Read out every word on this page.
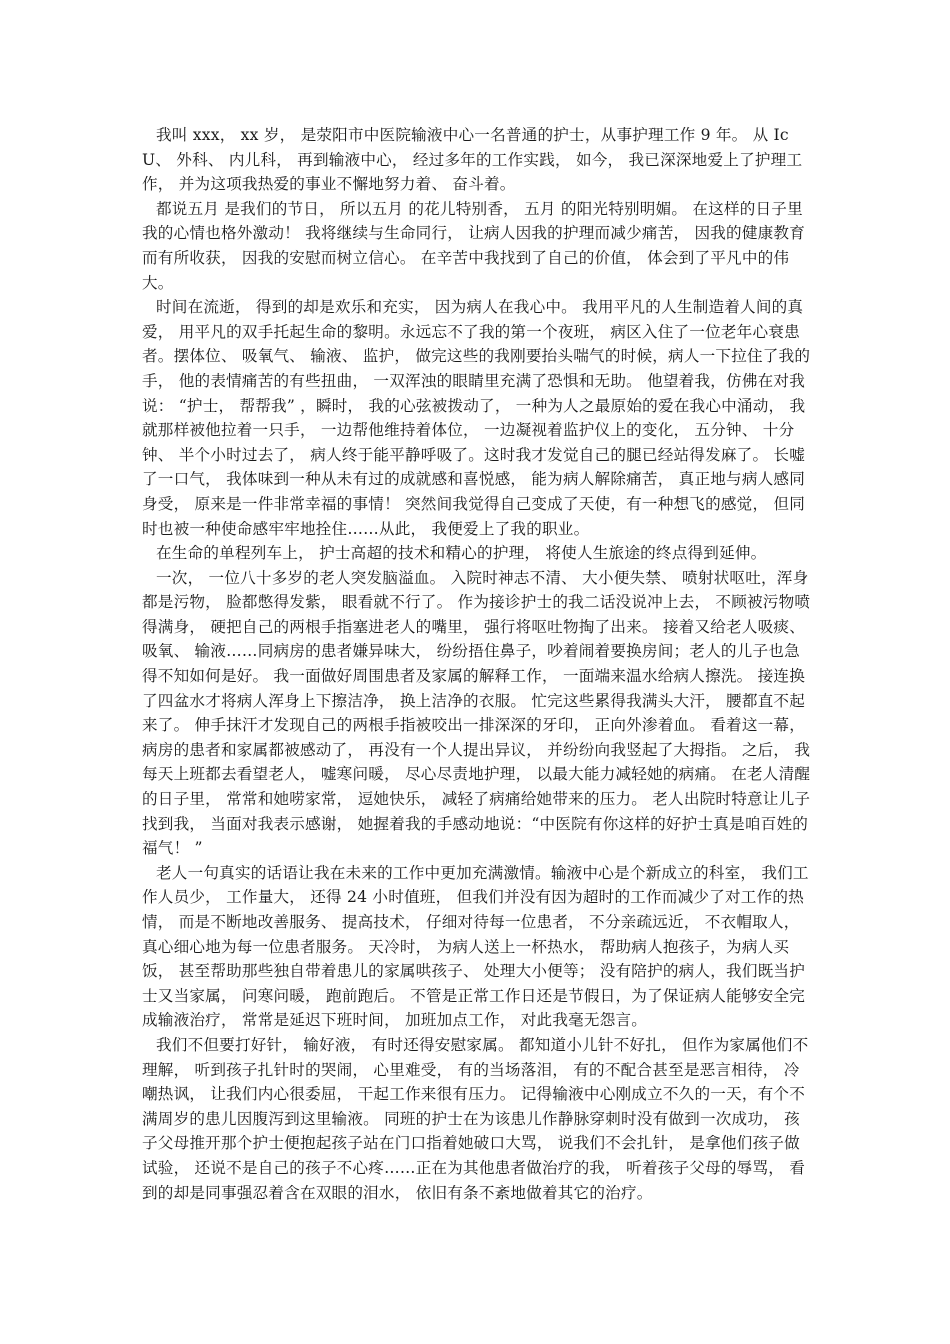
我叫 xxx， xx 岁， 是荥阳市中医院输液中心一名普通的护士，从事护理工作 9 年。 从 IcU、 外科、 内儿科， 再到输液中心， 经过多年的工作实践， 如今， 我已深深地爱上了护理工作， 并为这项我热爱的事业不懈地努力着、 奋斗着。

都说五月 是我们的节日， 所以五月 的花儿特别香， 五月 的阳光特别明媚。 在这样的日子里我的心情也格外激动！ 我将继续与生命同行， 让病人因我的护理而减少痛苦， 因我的健康教育而有所收获， 因我的安慰而树立信心。 在辛苦中我找到了自己的价值， 体会到了平凡中的伟大。

时间在流逝， 得到的却是欢乐和充实， 因为病人在我心中。 我用平凡的人生制造着人间的真爱， 用平凡的双手托起生命的黎明。永远忘不了我的第一个夜班， 病区入住了一位老年心衰患者。摆体位、 吸氧气、 输液、 监护， 做完这些的我刚要抬头喘气的时候，病人一下拉住了我的手， 他的表情痛苦的有些扭曲， 一双浑浊的眼睛里充满了恐惧和无助。 他望着我，仿佛在对我说： “护士， 帮帮我” ，瞬时， 我的心弦被拨动了， 一种为人之最原始的爱在我心中涌动， 我就那样被他拉着一只手， 一边帮他维持着体位， 一边凝视着监护仪上的变化， 五分钟、 十分钟、 半个小时过去了， 病人终于能平静呼吸了。这时我才发觉自己的腿已经站得发麻了。 长嘘了一口气， 我体味到一种从未有过的成就感和喜悦感， 能为病人解除痛苦， 真正地与病人感同身受， 原来是一件非常幸福的事情！ 突然间我觉得自己变成了天使，有一种想飞的感觉， 但同时也被一种使命感牢牢地拴住……从此， 我便爱上了我的职业。

在生命的单程列车上， 护士高超的技术和精心的护理， 将使人生旅途的终点得到延伸。

一次， 一位八十多岁的老人突发脑溢血。 入院时神志不清、 大小便失禁、 喷射状呕吐，浑身都是污物， 脸都憋得发紫， 眼看就不行了。 作为接诊护士的我二话没说冲上去， 不顾被污物喷得满身， 硬把自己的两根手指塞进老人的嘴里， 强行将呕吐物掏了出来。 接着又给老人吸痰、 吸氧、 输液……同病房的患者嫌异味大， 纷纷捂住鼻子，吵着闹着要换房间；老人的儿子也急得不知如何是好。 我一面做好周围患者及家属的解释工作， 一面端来温水给病人擦洗。 接连换了四盆水才将病人浑身上下擦洁净， 换上洁净的衣服。 忙完这些累得我满头大汗， 腰都直不起来了。 伸手抹汗才发现自己的两根手指被咬出一排深深的牙印， 正向外渗着血。 看着这一幕， 病房的患者和家属都被感动了， 再没有一个人提出异议， 并纷纷向我竖起了大拇指。 之后， 我每天上班都去看望老人， 嘘寒问暖， 尽心尽责地护理， 以最大能力减轻她的病痛。 在老人清醒的日子里， 常常和她唠家常， 逗她快乐， 减轻了病痛给她带来的压力。 老人出院时特意让儿子找到我， 当面对我表示感谢， 她握着我的手感动地说：“中医院有你这样的好护士真是咱百姓的福气！ ”

老人一句真实的话语让我在未来的工作中更加充满激情。输液中心是个新成立的科室， 我们工作人员少， 工作量大， 还得 24 小时值班， 但我们并没有因为超时的工作而减少了对工作的热情， 而是不断地改善服务、 提高技术， 仔细对待每一位患者， 不分亲疏远近， 不衣帽取人， 真心细心地为每一位患者服务。 天冷时， 为病人送上一杯热水， 帮助病人抱孩子，为病人买饭， 甚至帮助那些独自带着患儿的家属哄孩子、 处理大小便等； 没有陪护的病人，我们既当护士又当家属， 问寒问暖， 跑前跑后。 不管是正常工作日还是节假日，为了保证病人能够安全完成输液治疗， 常常是延迟下班时间， 加班加点工作， 对此我毫无怨言。

我们不但要打好针， 输好液， 有时还得安慰家属。 都知道小儿针不好扎， 但作为家属他们不理解， 听到孩子扎针时的哭闹， 心里难受， 有的当场落泪， 有的不配合甚至是恶言相待， 冷嘲热讽， 让我们内心很委屈， 干起工作来很有压力。 记得输液中心刚成立不久的一天，有个不满周岁的患儿因腹泻到这里输液。 同班的护士在为该患儿作静脉穿刺时没有做到一次成功， 孩子父母推开那个护士便抱起孩子站在门口指着她破口大骂， 说我们不会扎针， 是拿他们孩子做试验， 还说不是自己的孩子不心疼……正在为其他患者做治疗的我， 听着孩子父母的辱骂， 看到的却是同事强忍着含在双眼的泪水， 依旧有条不紊地做着其它的治疗。
